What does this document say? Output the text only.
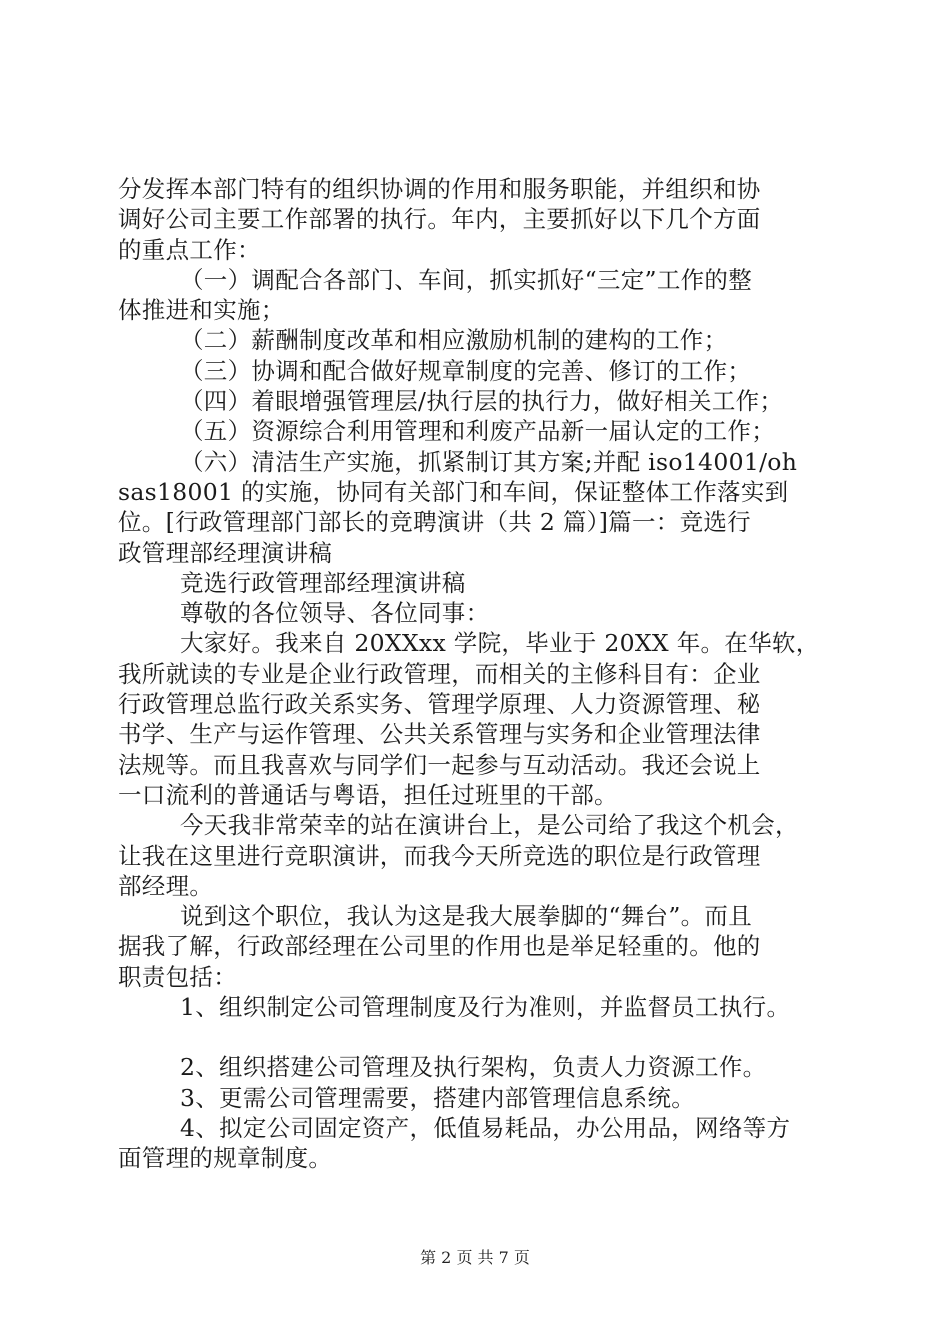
分发挥本部门特有的组织协调的作用和服务职能，并组织和协
调好公司主要工作部署的执行。年内，主要抓好以下几个方面
的重点工作：
（一）调配合各部门、车间，抓实抓好“三定”工作的整
体推进和实施；
（二）薪酬制度改革和相应激励机制的建构的工作；
（三）协调和配合做好规章制度的完善、修订的工作；
（四）着眼增强管理层/执行层的执行力，做好相关工作；
（五）资源综合利用管理和利废产品新一届认定的工作；
（六）清洁生产实施，抓紧制订其方案;并配 iso14001/oh
sas18001 的实施，协同有关部门和车间，保证整体工作落实到
位。[行政管理部门部长的竞聘演讲（共 2 篇）]篇一：竞选行
政管理部经理演讲稿
竞选行政管理部经理演讲稿
尊敬的各位领导、各位同事：
大家好。我来自 20XXxx 学院，毕业于 20XX 年。在华软，
我所就读的专业是企业行政管理，而相关的主修科目有：企业
行政管理总监行政关系实务、管理学原理、人力资源管理、秘
书学、生产与运作管理、公共关系管理与实务和企业管理法律
法规等。而且我喜欢与同学们一起参与互动活动。我还会说上
一口流利的普通话与粤语，担任过班里的干部。
今天我非常荣幸的站在演讲台上，是公司给了我这个机会，
让我在这里进行竞职演讲，而我今天所竞选的职位是行政管理
部经理。
说到这个职位，我认为这是我大展拳脚的“舞台”。而且
据我了解，行政部经理在公司里的作用也是举足轻重的。他的
职责包括：
1、组织制定公司管理制度及行为准则，并监督员工执行。
2、组织搭建公司管理及执行架构，负责人力资源工作。
3、更需公司管理需要，搭建内部管理信息系统。
4、拟定公司固定资产，低值易耗品，办公用品，网络等方
面管理的规章制度。
第 2 页 共 7 页
